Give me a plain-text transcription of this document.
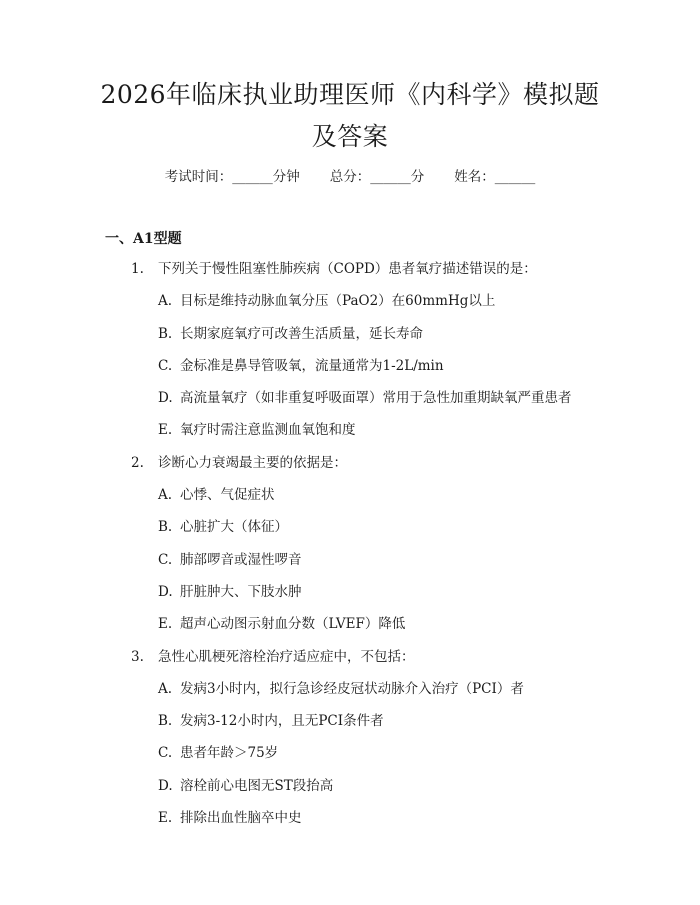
2026年临床执业助理医师《内科学》模拟题
及答案
考试时间：______分钟 总分：______分 姓名：______
一、A1型题
1. 下列关于慢性阻塞性肺疾病（COPD）患者氧疗描述错误的是：
A. 目标是维持动脉血氧分压（PaO2）在60mmHg以上
B. 长期家庭氧疗可改善生活质量，延长寿命
C. 金标准是鼻导管吸氧，流量通常为1-2L/min
D. 高流量氧疗（如非重复呼吸面罩）常用于急性加重期缺氧严重患者
E. 氧疗时需注意监测血氧饱和度
2. 诊断心力衰竭最主要的依据是：
A. 心悸、气促症状
B. 心脏扩大（体征）
C. 肺部啰音或湿性啰音
D. 肝脏肿大、下肢水肿
E. 超声心动图示射血分数（LVEF）降低
3. 急性心肌梗死溶栓治疗适应症中，不包括：
A. 发病3小时内，拟行急诊经皮冠状动脉介入治疗（PCI）者
B. 发病3-12小时内，且无PCI条件者
C. 患者年龄＞75岁
D. 溶栓前心电图无ST段抬高
E. 排除出血性脑卒中史
